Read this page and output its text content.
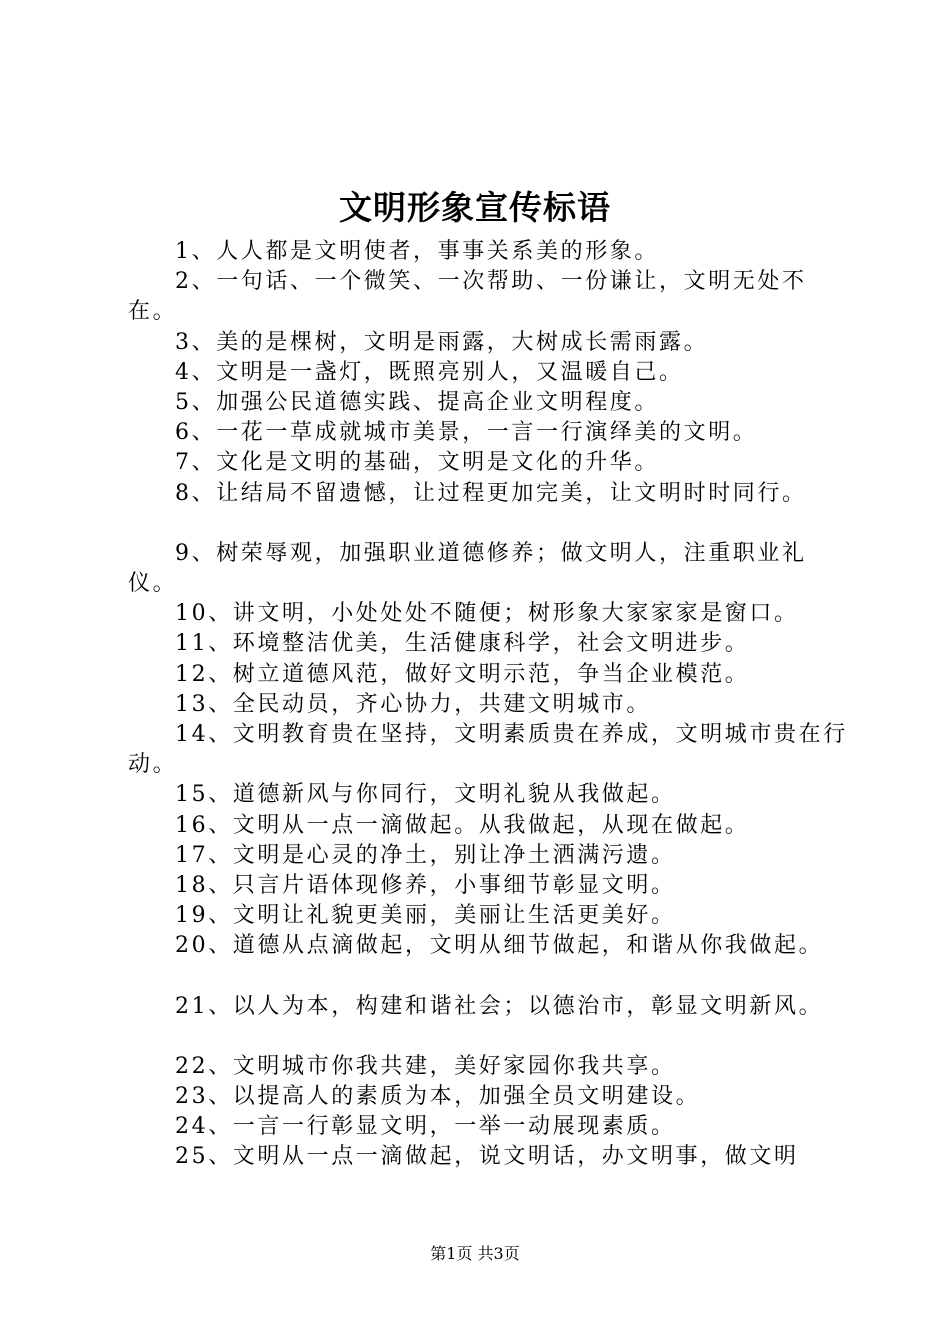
文明形象宣传标语

1、人人都是文明使者，事事关系美的形象。

2、一句话、一个微笑、一次帮助、一份谦让，文明无处不在。

3、美的是棵树，文明是雨露，大树成长需雨露。

4、文明是一盏灯，既照亮别人，又温暖自己。

5、加强公民道德实践、提高企业文明程度。

6、一花一草成就城市美景，一言一行演绎美的文明。

7、文化是文明的基础，文明是文化的升华。

8、让结局不留遗憾，让过程更加完美，让文明时时同行。

9、树荣辱观，加强职业道德修养；做文明人，注重职业礼仪。

10、讲文明，小处处处不随便；树形象大家家家是窗口。

11、环境整洁优美，生活健康科学，社会文明进步。

12、树立道德风范，做好文明示范，争当企业模范。

13、全民动员，齐心协力，共建文明城市。

14、文明教育贵在坚持，文明素质贵在养成，文明城市贵在行动。

15、道德新风与你同行，文明礼貌从我做起。

16、文明从一点一滴做起。从我做起，从现在做起。

17、文明是心灵的净土，别让净土洒满污遗。

18、只言片语体现修养，小事细节彰显文明。

19、文明让礼貌更美丽，美丽让生活更美好。

20、道德从点滴做起，文明从细节做起，和谐从你我做起。

21、以人为本，构建和谐社会；以德治市，彰显文明新风。

22、文明城市你我共建，美好家园你我共享。

23、以提高人的素质为本，加强全员文明建设。

24、一言一行彰显文明，一举一动展现素质。

25、文明从一点一滴做起，说文明话，办文明事，做文明

第1页 共3页
